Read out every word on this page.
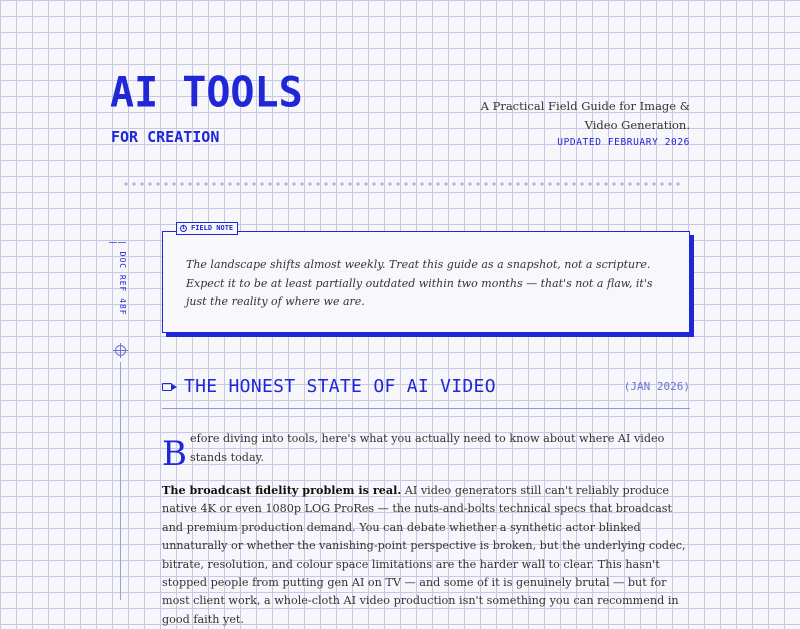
AI TOOLS
FOR CREATION
A Practical Field Guide for Image & Video Generation.
UPDATED FEBRUARY 2026
| DOC REF 48F |
i FIELD NOTE
The landscape shifts almost weekly. Treat this guide as a snapshot, not a scripture. Expect it to be at least partially outdated within two months — that's not a flaw, it's just the reality of where we are.
THE HONEST STATE OF AI VIDEO	(JAN 2026)
B efore diving into tools, here's what you actually need to know about where AI video stands today.
The broadcast fidelity problem is real. AI video generators still can't reliably produce native 4K or even 1080p LOG ProRes — the nuts-and-bolts technical specs that broadcast and premium production demand. You can debate whether a synthetic actor blinked unnaturally or whether the vanishing-point perspective is broken, but the underlying codec, bitrate, resolution, and colour space limitations are the harder wall to clear. This hasn't stopped people from putting gen AI on TV — and some of it is genuinely brutal — but for most client work, a whole-cloth AI video production isn't something you can recommend in good faith yet.
